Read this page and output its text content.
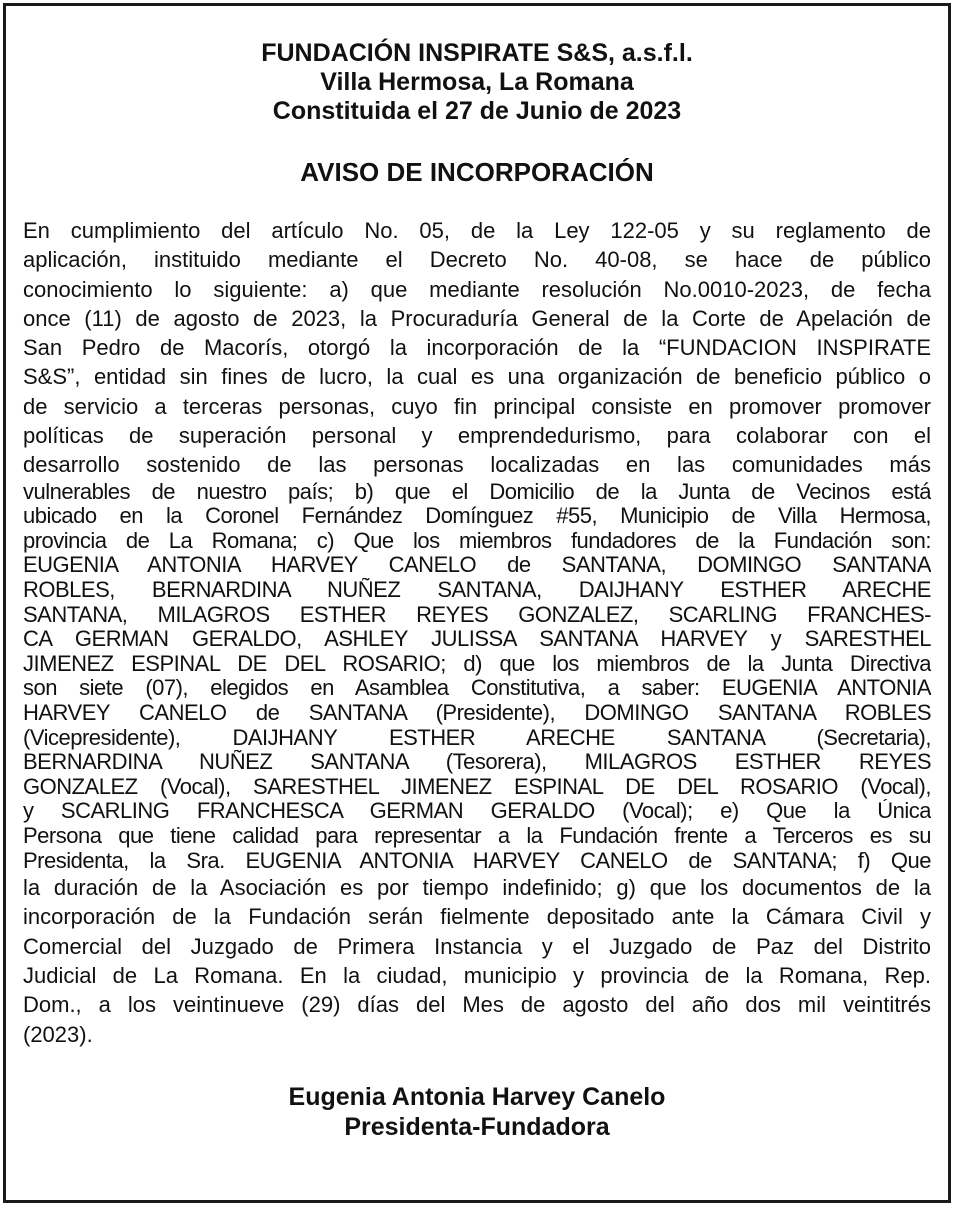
FUNDACIÓN INSPIRATE S&S, a.s.f.l.
Villa Hermosa, La Romana
Constituida el 27 de Junio de 2023
AVISO DE INCORPORACIÓN
En cumplimiento del artículo No. 05, de la Ley 122-05 y su reglamento de
aplicación, instituido mediante el Decreto No. 40-08, se hace de público
conocimiento lo siguiente: a) que mediante resolución No.0010-2023, de fecha
once (11) de agosto de 2023, la Procuraduría General de la Corte de Apelación de
San Pedro de Macorís, otorgó la incorporación de la “FUNDACION INSPIRATE
S&S”, entidad sin fines de lucro, la cual es una organización de beneficio público o
de servicio a terceras personas, cuyo fin principal consiste en promover promover
políticas de superación personal y emprendedurismo, para colaborar con el
desarrollo sostenido de las personas localizadas en las comunidades más
vulnerables de nuestro país; b) que el Domicilio de la Junta de Vecinos está
ubicado en la Coronel Fernández Domínguez #55, Municipio de Villa Hermosa,
provincia de La Romana; c) Que los miembros fundadores de la Fundación son:
EUGENIA ANTONIA HARVEY CANELO de SANTANA, DOMINGO SANTANA
ROBLES, BERNARDINA NUÑEZ SANTANA, DAIJHANY ESTHER ARECHE
SANTANA, MILAGROS ESTHER REYES GONZALEZ, SCARLING FRANCHES-
CA GERMAN GERALDO, ASHLEY JULISSA SANTANA HARVEY y SARESTHEL
JIMENEZ ESPINAL DE DEL ROSARIO; d) que los miembros de la Junta Directiva
son siete (07), elegidos en Asamblea Constitutiva, a saber: EUGENIA ANTONIA
HARVEY CANELO de SANTANA (Presidente), DOMINGO SANTANA ROBLES
(Vicepresidente), DAIJHANY ESTHER ARECHE SANTANA (Secretaria),
BERNARDINA NUÑEZ SANTANA (Tesorera), MILAGROS ESTHER REYES
GONZALEZ (Vocal), SARESTHEL JIMENEZ ESPINAL DE DEL ROSARIO (Vocal),
y SCARLING FRANCHESCA GERMAN GERALDO (Vocal); e) Que la Única
Persona que tiene calidad para representar a la Fundación frente a Terceros es su
Presidenta, la Sra. EUGENIA ANTONIA HARVEY CANELO de SANTANA; f) Que
la duración de la Asociación es por tiempo indefinido; g) que los documentos de la
incorporación de la Fundación serán fielmente depositado ante la Cámara Civil y
Comercial del Juzgado de Primera Instancia y el Juzgado de Paz del Distrito
Judicial de La Romana. En la ciudad, municipio y provincia de la Romana, Rep.
Dom., a los veintinueve (29) días del Mes de agosto del año dos mil veintitrés
(2023).
Eugenia Antonia Harvey Canelo
Presidenta-Fundadora
